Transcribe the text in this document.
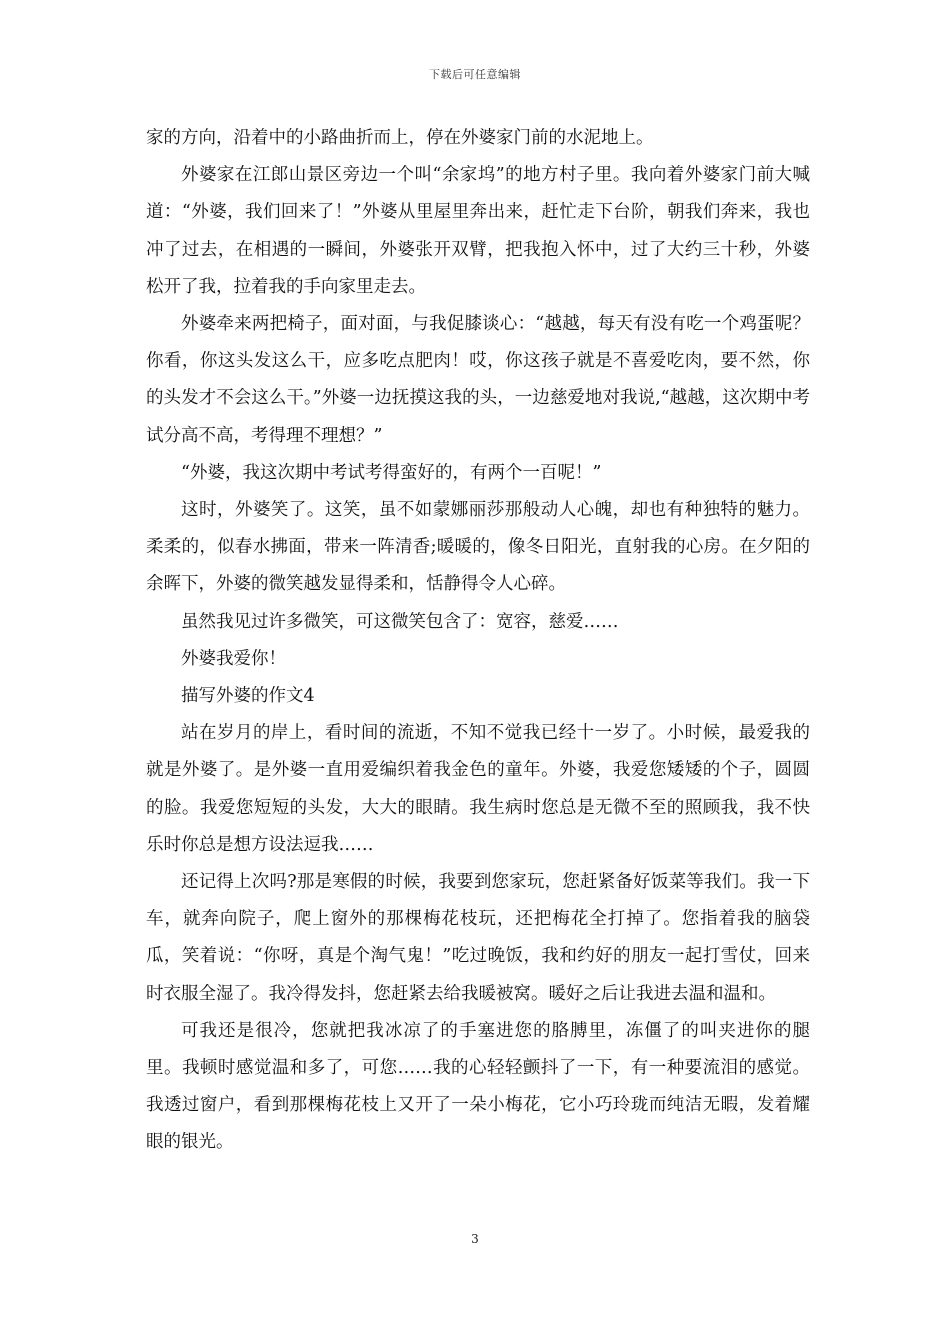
下载后可任意编辑

家的方向，沿着中的小路曲折而上，停在外婆家门前的水泥地上。

外婆家在江郎山景区旁边一个叫“余家坞”的地方村子里。我向着外婆家门前大喊道：“外婆，我们回来了！”外婆从里屋里奔出来，赶忙走下台阶，朝我们奔来，我也冲了过去，在相遇的一瞬间，外婆张开双臂，把我抱入怀中，过了大约三十秒，外婆松开了我，拉着我的手向家里走去。

外婆牵来两把椅子，面对面，与我促膝谈心：“越越，每天有没有吃一个鸡蛋呢？你看，你这头发这么干，应多吃点肥肉！哎，你这孩子就是不喜爱吃肉，要不然，你的头发才不会这么干。”外婆一边抚摸这我的头，一边慈爱地对我说,“越越，这次期中考试分高不高，考得理不理想？”

“外婆，我这次期中考试考得蛮好的，有两个一百呢！”

这时，外婆笑了。这笑，虽不如蒙娜丽莎那般动人心魄，却也有种独特的魅力。柔柔的，似春水拂面，带来一阵清香;暖暖的，像冬日阳光，直射我的心房。在夕阳的余晖下，外婆的微笑越发显得柔和，恬静得令人心碎。

虽然我见过许多微笑，可这微笑包含了：宽容，慈爱……

外婆我爱你！

描写外婆的作文4

站在岁月的岸上，看时间的流逝，不知不觉我已经十一岁了。小时候，最爱我的就是外婆了。是外婆一直用爱编织着我金色的童年。外婆，我爱您矮矮的个子，圆圆的脸。我爱您短短的头发，大大的眼睛。我生病时您总是无微不至的照顾我，我不快乐时你总是想方设法逗我……

还记得上次吗?那是寒假的时候，我要到您家玩，您赶紧备好饭菜等我们。我一下车，就奔向院子，爬上窗外的那棵梅花枝玩，还把梅花全打掉了。您指着我的脑袋瓜，笑着说：“你呀，真是个淘气鬼！”吃过晚饭，我和约好的朋友一起打雪仗，回来时衣服全湿了。我冷得发抖，您赶紧去给我暖被窝。暖好之后让我进去温和温和。

可我还是很冷，您就把我冰凉了的手塞进您的胳膊里，冻僵了的叫夹进你的腿里。我顿时感觉温和多了，可您……我的心轻轻颤抖了一下，有一种要流泪的感觉。我透过窗户，看到那棵梅花枝上又开了一朵小梅花，它小巧玲珑而纯洁无暇，发着耀眼的银光。

3
